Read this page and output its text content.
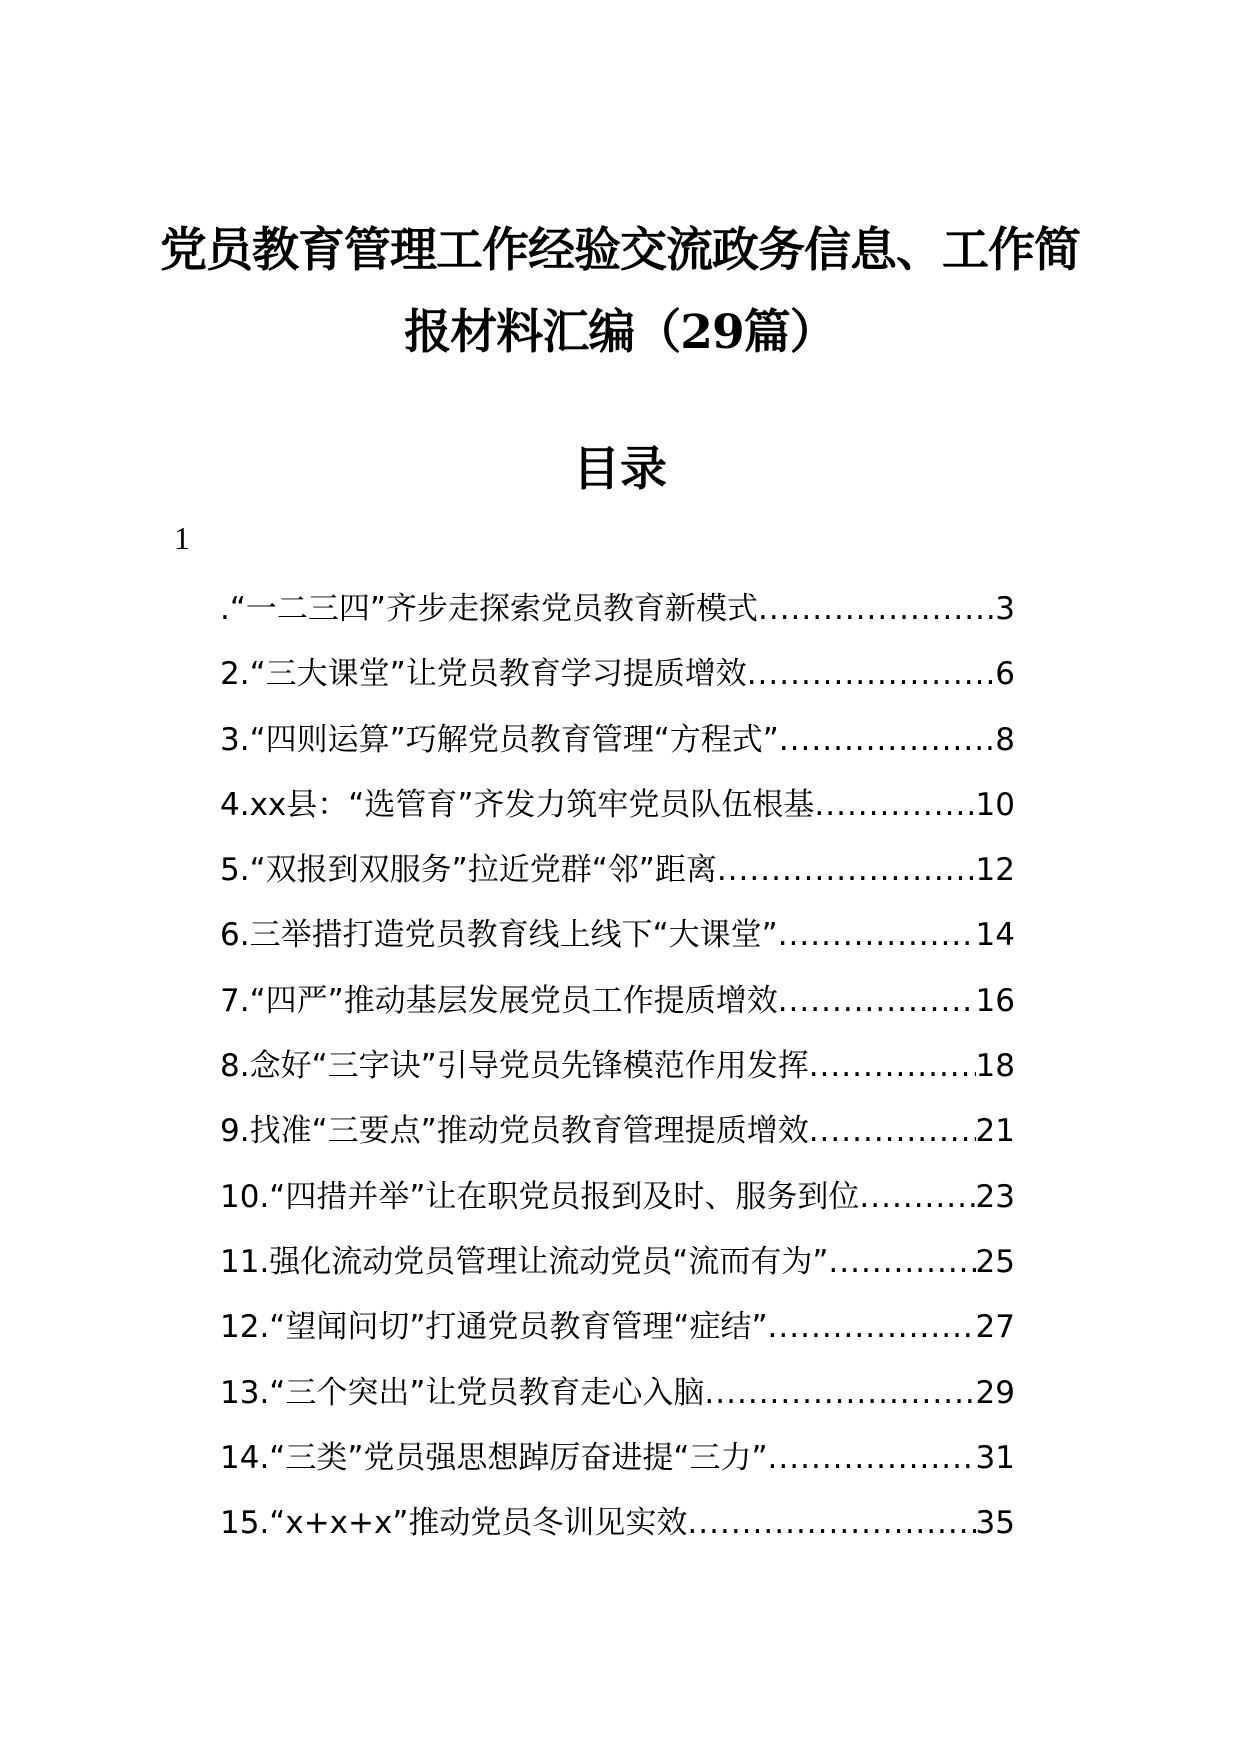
党员教育管理工作经验交流政务信息、工作简
报材料汇编（29篇）
目录
1
.“一二三四”齐步走探索党员教育新模式 .....	3
2.“三大课堂”让党员教育学习提质增效 .....	6
3.“四则运算”巧解党员教育管理“方程式” .....	8
4.xx县：“选管育”齐发力筑牢党员队伍根基 .....	10
5.“双报到双服务”拉近党群“邻”距离 .....	12
6.三举措打造党员教育线上线下“大课堂” .....	14
7.“四严”推动基层发展党员工作提质增效 .....	16
8.念好“三字诀”引导党员先锋模范作用发挥 .....	18
9.找准“三要点”推动党员教育管理提质增效 .....	21
10.“四措并举”让在职党员报到及时、服务到位 .....	23
11.强化流动党员管理让流动党员“流而有为” .....	25
12.“望闻问切”打通党员教育管理“症结” .....	27
13.“三个突出”让党员教育走心入脑 .....	29
14.“三类”党员强思想踔厉奋进提“三力” .....	31
15.“x+x+x”推动党员冬训见实效 .....	35
